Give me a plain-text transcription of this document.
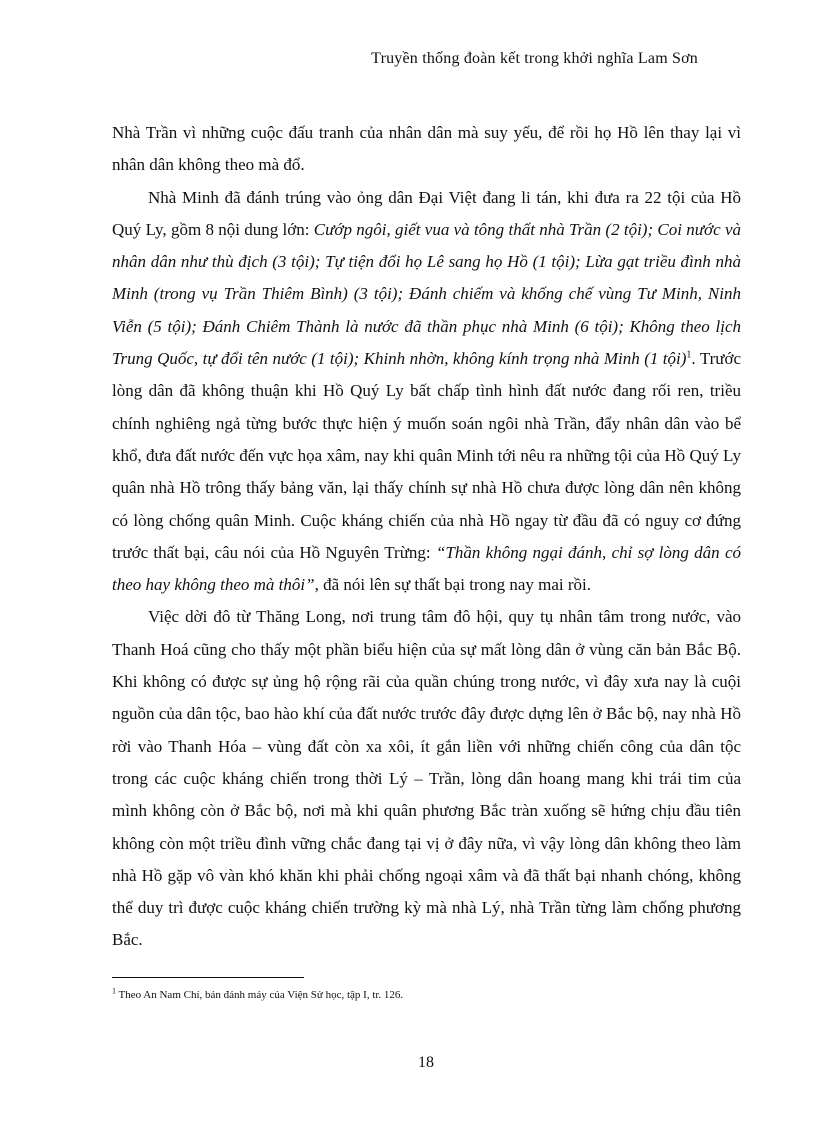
Truyền thống đoàn kết trong khởi nghĩa Lam Sơn

Nhà Trần vì những cuộc đấu tranh của nhân dân mà suy yếu, để rồi họ Hồ lên thay lại vì nhân dân không theo mà đổ.

Nhà Minh đã đánh trúng vào ỏng dân Đại Việt đang li tán, khi đưa ra 22 tội của Hồ Quý Ly, gồm 8 nội dung lớn: Cướp ngôi, giết vua và tông thất nhà Trần (2 tội); Coi nước và nhân dân như thù địch (3 tội); Tự tiện đổi họ Lê sang họ Hồ (1 tội); Lừa gạt triều đình nhà Minh (trong vụ Trần Thiêm Bình) (3 tội); Đánh chiếm và khống chế vùng Tư Minh, Ninh Viễn (5 tội); Đánh Chiêm Thành là nước đã thần phục nhà Minh (6 tội); Không theo lịch Trung Quốc, tự đổi tên nước (1 tội); Khinh nhờn, không kính trọng nhà Minh (1 tội)$^1$. Trước lòng dân đã không thuận khi Hồ Quý Ly bất chấp tình hình đất nước đang rối ren, triều chính nghiêng ngả từng bước thực hiện ý muốn soán ngôi nhà Trần, đẩy nhân dân vào bể khổ, đưa đất nước đến vực họa xâm, nay khi quân Minh tới nêu ra những tội của Hồ Quý Ly quân nhà Hồ trông thấy bảng văn, lại thấy chính sự nhà Hồ chưa được lòng dân nên không có lòng chống quân Minh. Cuộc kháng chiến của nhà Hồ ngay từ đầu đã có nguy cơ đứng trước thất bại, câu nói của Hồ Nguyên Trừng: “Thần không ngại đánh, chỉ sợ lòng dân có theo hay không theo mà thôi”, đã nói lên sự thất bại trong nay mai rồi.

Việc dời đô từ Thăng Long, nơi trung tâm đô hội, quy tụ nhân tâm trong nước, vào Thanh Hoá cũng cho thấy một phần biểu hiện của sự mất lòng dân ở vùng căn bản Bắc Bộ. Khi không có được sự ủng hộ rộng rãi của quần chúng trong nước, vì đây xưa nay là cuội nguồn của dân tộc, bao hào khí của đất nước trước đây được dựng lên ở Bắc bộ, nay nhà Hồ rời vào Thanh Hóa – vùng đất còn xa xôi, ít gắn liền với những chiến công của dân tộc trong các cuộc kháng chiến trong thời Lý – Trần, lòng dân hoang mang khi trái tim của mình không còn ở Bắc bộ, nơi mà khi quân phương Bắc tràn xuống sẽ hứng chịu đầu tiên không còn một triều đình vững chắc đang tại vị ở đây nữa, vì vậy lòng dân không theo làm nhà Hồ gặp vô vàn khó khăn khi phải chống ngoại xâm và đã thất bại nhanh chóng, không thể duy trì được cuộc kháng chiến trường kỳ mà nhà Lý, nhà Trần từng làm chống phương Bắc.

$^1$ Theo An Nam Chí, bản đánh máy của Viện Sử học, tập I, tr. 126.
18
